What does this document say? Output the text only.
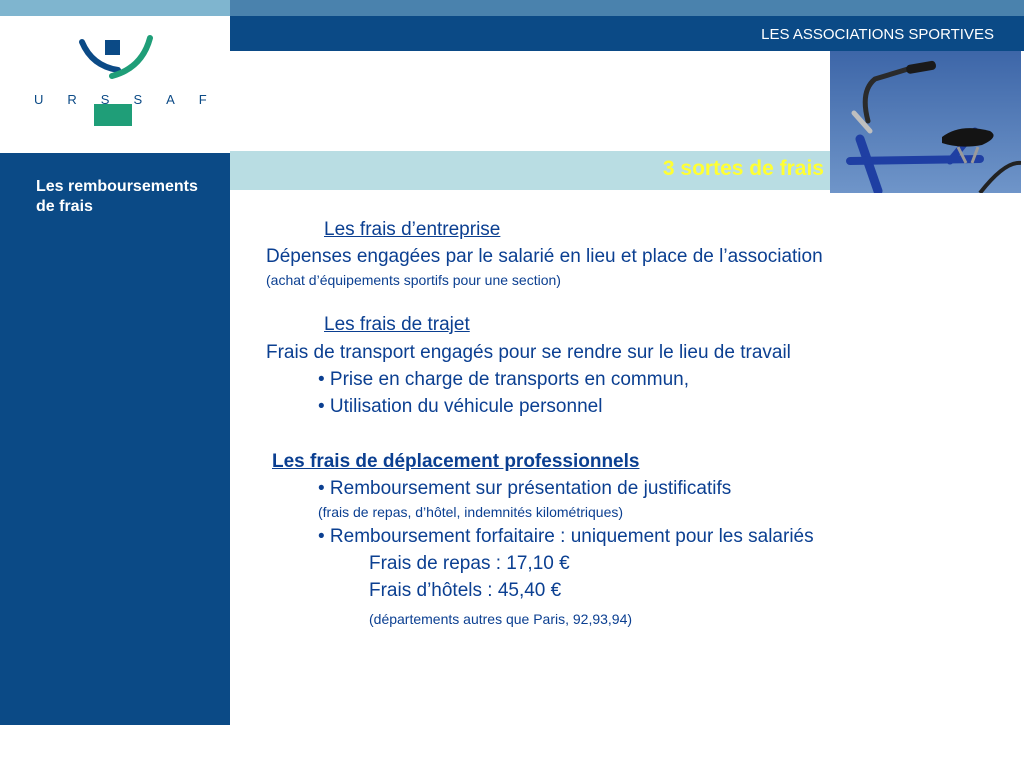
LES ASSOCIATIONS SPORTIVES
URSSAF
Les remboursements de frais
3 sortes de frais
Les frais d’entreprise
Dépenses engagées par le salarié en lieu et place de l’association
(achat d’équipements sportifs pour une section)
Les frais de trajet
Frais de transport engagés pour se rendre sur le lieu de travail
• Prise en charge de transports en commun,
• Utilisation du véhicule personnel
Les frais de déplacement professionnels
• Remboursement sur présentation de justificatifs
(frais de repas, d’hôtel, indemnités kilométriques)
• Remboursement forfaitaire : uniquement pour les salariés
Frais de repas : 17,10 €
Frais d’hôtels : 45,40 €
(départements autres que Paris, 92,93,94)
